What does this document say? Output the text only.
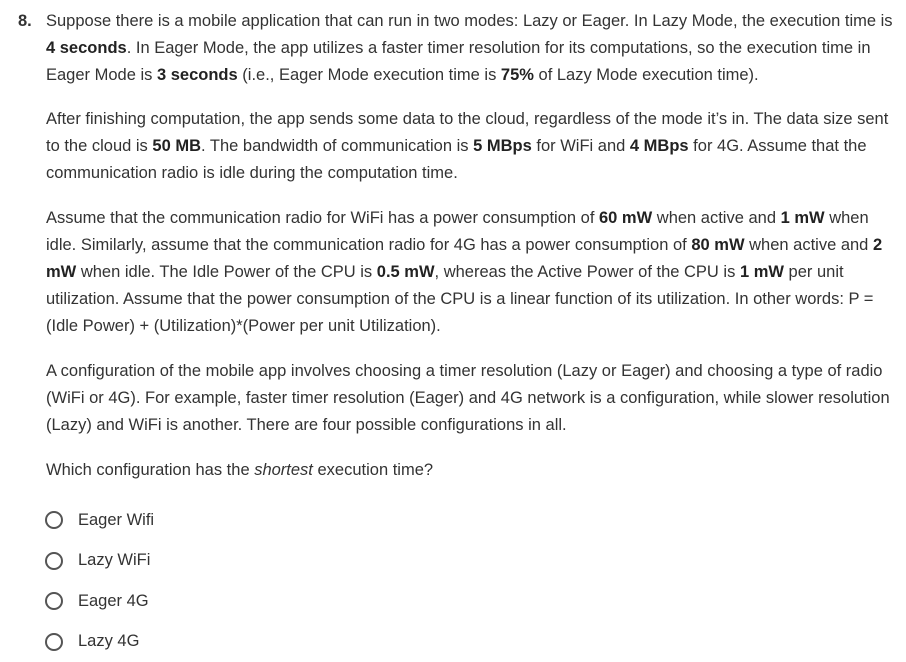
8. Suppose there is a mobile application that can run in two modes: Lazy or Eager. In Lazy Mode, the execution time is 4 seconds. In Eager Mode, the app utilizes a faster timer resolution for its computations, so the execution time in Eager Mode is 3 seconds (i.e., Eager Mode execution time is 75% of Lazy Mode execution time).

After finishing computation, the app sends some data to the cloud, regardless of the mode it’s in. The data size sent to the cloud is 50 MB. The bandwidth of communication is 5 MBps for WiFi and 4 MBps for 4G. Assume that the communication radio is idle during the computation time.

Assume that the communication radio for WiFi has a power consumption of 60 mW when active and 1 mW when idle. Similarly, assume that the communication radio for 4G has a power consumption of 80 mW when active and 2 mW when idle. The Idle Power of the CPU is 0.5 mW, whereas the Active Power of the CPU is 1 mW per unit utilization. Assume that the power consumption of the CPU is a linear function of its utilization. In other words: P = (Idle Power) + (Utilization)*(Power per unit Utilization).

A configuration of the mobile app involves choosing a timer resolution (Lazy or Eager) and choosing a type of radio (WiFi or 4G). For example, faster timer resolution (Eager) and 4G network is a configuration, while slower resolution (Lazy) and WiFi is another. There are four possible configurations in all.

Which configuration has the shortest execution time?

Eager Wifi
Lazy WiFi
Eager 4G
Lazy 4G
